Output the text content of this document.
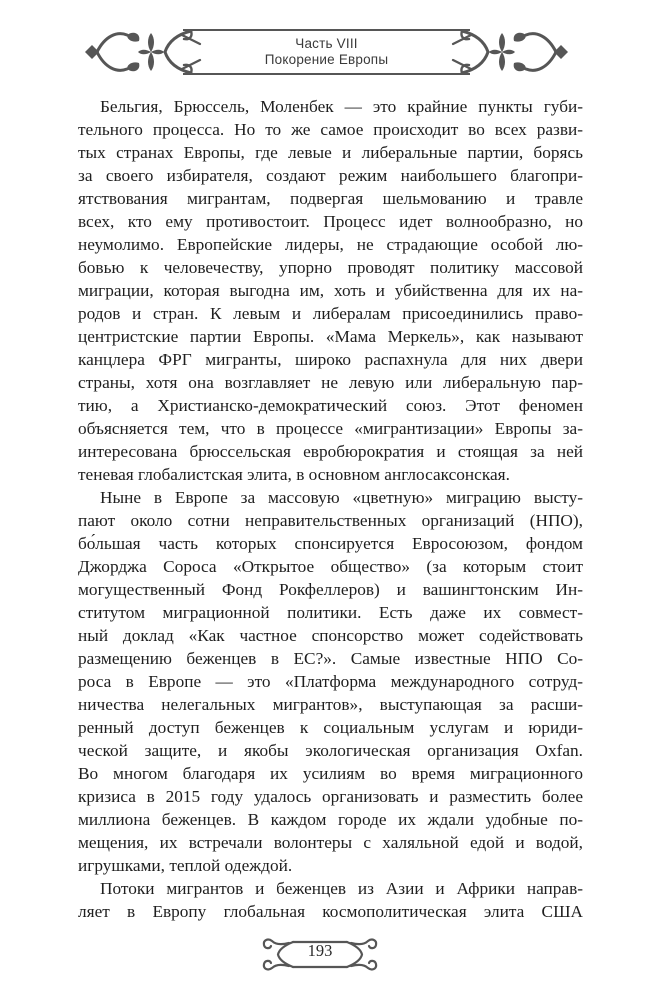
Часть VIII
Покорение Европы
Бельгия, Брюссель, Моленбек — это крайние пункты губи-
тельного процесса. Но то же самое происходит во всех разви-
тых странах Европы, где левые и либеральные партии, борясь
за своего избирателя, создают режим наибольшего благопри-
ятствования мигрантам, подвергая шельмованию и травле
всех, кто ему противостоит. Процесс идет волнообразно, но
неумолимо. Европейские лидеры, не страдающие особой лю-
бовью к человечеству, упорно проводят политику массовой
миграции, которая выгодна им, хоть и убийственна для их на-
родов и стран. К левым и либералам присоединились право-
центристские партии Европы. «Мама Меркель», как называют
канцлера ФРГ мигранты, широко распахнула для них двери
страны, хотя она возглавляет не левую или либеральную пар-
тию, а Христианско-демократический союз. Этот феномен
объясняется тем, что в процессе «мигрантизации» Европы за-
интересована брюссельская евробюрократия и стоящая за ней
теневая глобалистская элита, в основном англосаксонская.
Ныне в Европе за массовую «цветную» миграцию высту-
пают около сотни неправительственных организаций (НПО),
бо́льшая часть которых спонсируется Евросоюзом, фондом
Джорджа Сороса «Открытое общество» (за которым стоит
могущественный Фонд Рокфеллеров) и вашингтонским Ин-
ститутом миграционной политики. Есть даже их совмест-
ный доклад «Как частное спонсорство может содействовать
размещению беженцев в ЕС?». Самые известные НПО Со-
роса в Европе — это «Платформа международного сотруд-
ничества нелегальных мигрантов», выступающая за расши-
ренный доступ беженцев к социальным услугам и юриди-
ческой защите, и якобы экологическая организация Oxfan.
Во многом благодаря их усилиям во время миграционного
кризиса в 2015 году удалось организовать и разместить более
миллиона беженцев. В каждом городе их ждали удобные по-
мещения, их встречали волонтеры с халяльной едой и водой,
игрушками, теплой одеждой.
Потоки мигрантов и беженцев из Азии и Африки направ-
ляет в Европу глобальная космополитическая элита США
193
